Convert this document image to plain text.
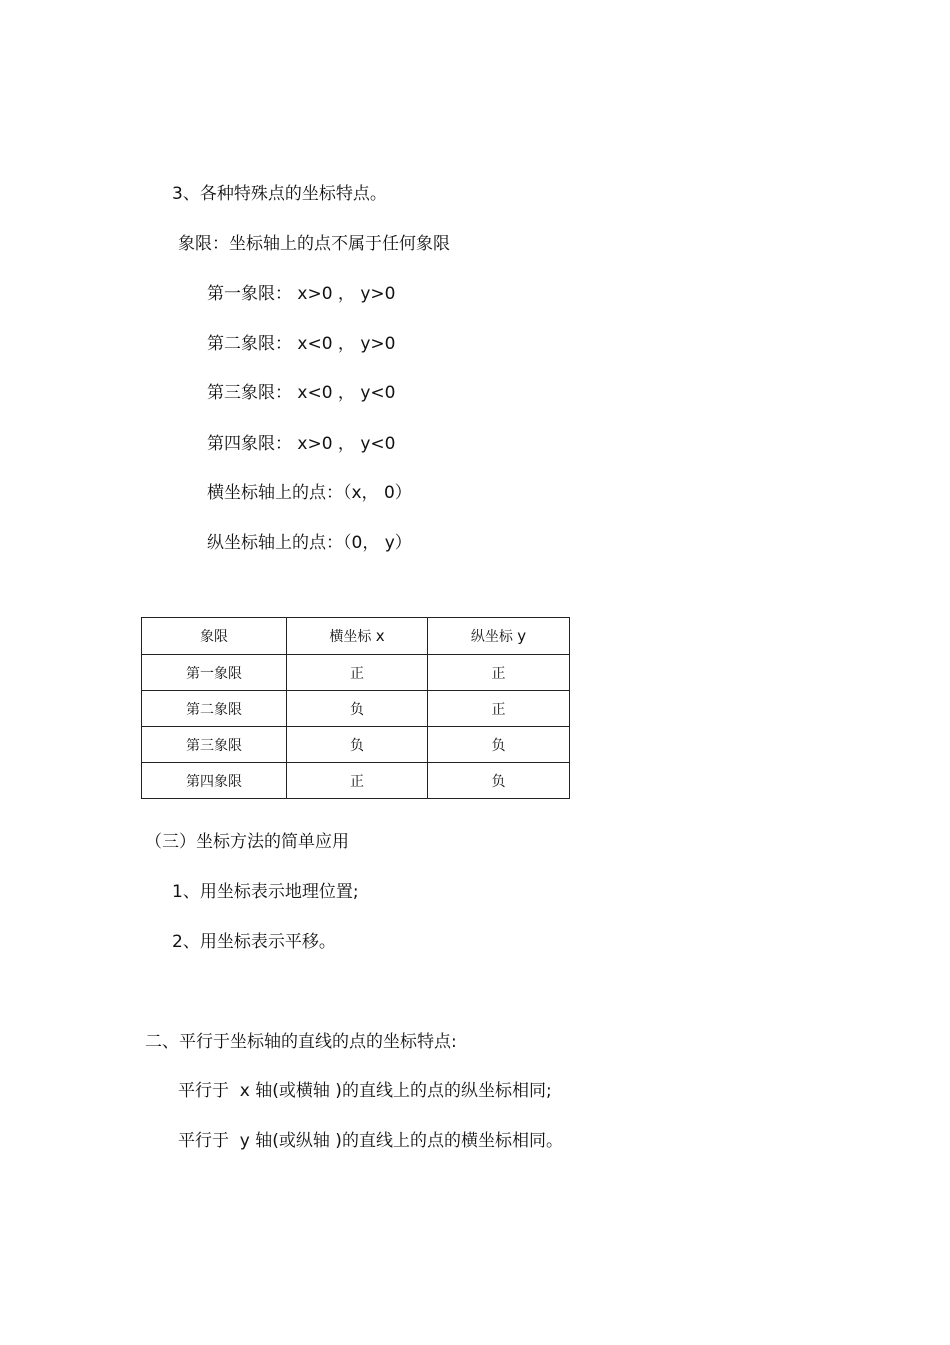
3、各种特殊点的坐标特点。
象限：坐标轴上的点不属于任何象限
第一象限： x>0 ， y>0
第二象限： x<0 ， y>0
第三象限： x<0 ， y<0
第四象限： x>0 ， y<0
横坐标轴上的点：（x， 0）
纵坐标轴上的点：（0， y）
象限	横坐标 x	纵坐标 y
第一象限	正	正
第二象限	负	正
第三象限	负	负
第四象限	正	负
（三）坐标方法的简单应用
1、用坐标表示地理位置;
2、用坐标表示平移。
二、平行于坐标轴的直线的点的坐标特点:
平行于  x 轴(或横轴 )的直线上的点的纵坐标相同;
平行于  y 轴(或纵轴 )的直线上的点的横坐标相同。
